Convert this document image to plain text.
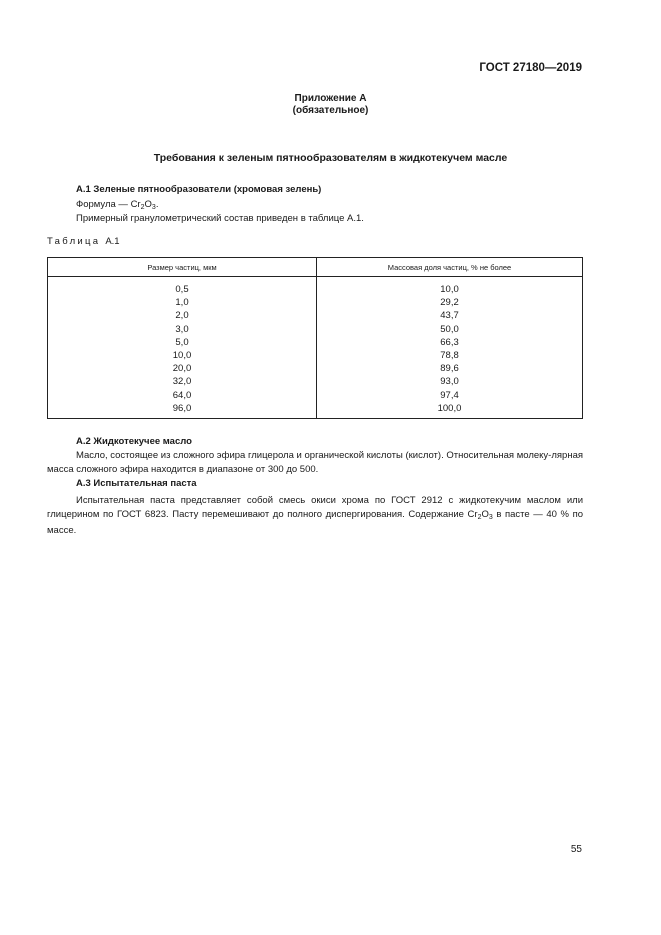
ГОСТ 27180—2019
Приложение А
(обязательное)
Требования к зеленым пятнообразователям в жидкотекучем масле
А.1 Зеленые пятнообразователи (хромовая зелень)
Формула — $Cr_2O_3$.
Примерный гранулометрический состав приведен в таблице А.1.
Таблица А.1
Размер частиц, мкм	Массовая доля частиц, % не более

0,5	10,0
1,0	29,2
2,0	43,7
3,0	50,0
5,0	66,3
10,0	78,8
20,0	89,6
32,0	93,0
64,0	97,4
96,0	100,0
А.2 Жидкотекучее масло
Масло, состоящее из сложного эфира глицерола и органической кислоты (кислот). Относительная молеку-лярная масса сложного эфира находится в диапазоне от 300 до 500.
А.3 Испытательная паста
Испытательная паста представляет собой смесь окиси хрома по ГОСТ 2912 с жидкотекучим маслом или глицерином по ГОСТ 6823. Пасту перемешивают до полного диспергирования. Содержание $Cr_2O_3$ в пасте — 40 % по массе.
55
